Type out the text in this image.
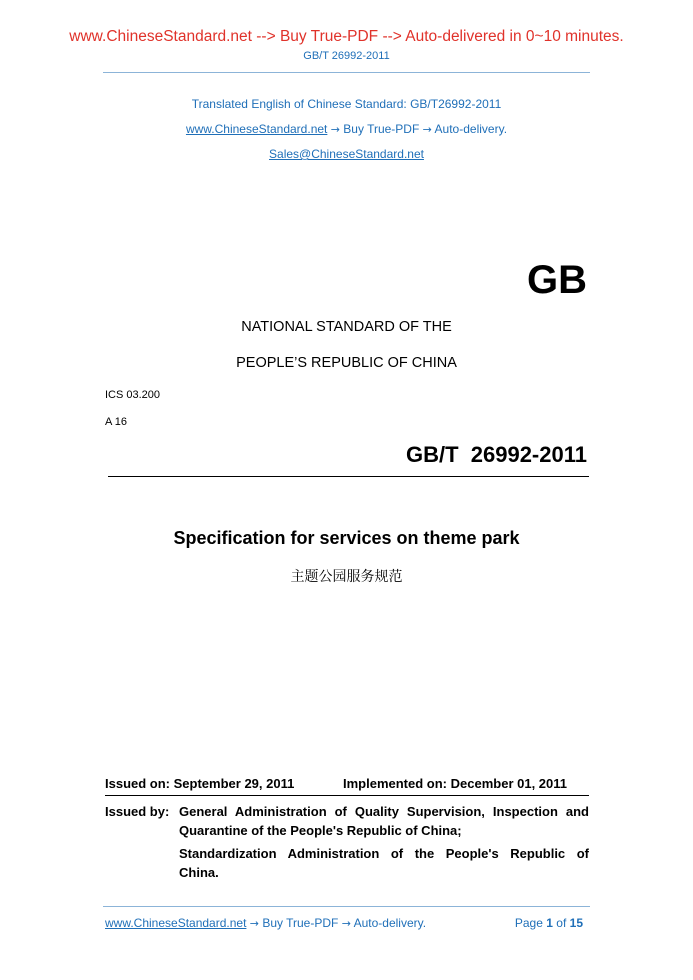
www.ChineseStandard.net --> Buy True-PDF --> Auto-delivered in 0~10 minutes.
GB/T 26992-2011
Translated English of Chinese Standard: GB/T26992-2011
www.ChineseStandard.net → Buy True-PDF → Auto-delivery.
Sales@ChineseStandard.net
GB
NATIONAL STANDARD OF THE
PEOPLE’S REPUBLIC OF CHINA
ICS 03.200
A 16
GB/T  26992-2011
Specification for services on theme park
主题公园服务规范
Issued on: September 29, 2011	Implemented on: December 01, 2011
Issued by: General Administration of Quality Supervision, Inspection and
Quarantine of the People's Republic of China;
Standardization Administration of the People's Republic of
China.
www.ChineseStandard.net → Buy True-PDF → Auto-delivery.	Page 1 of 15
